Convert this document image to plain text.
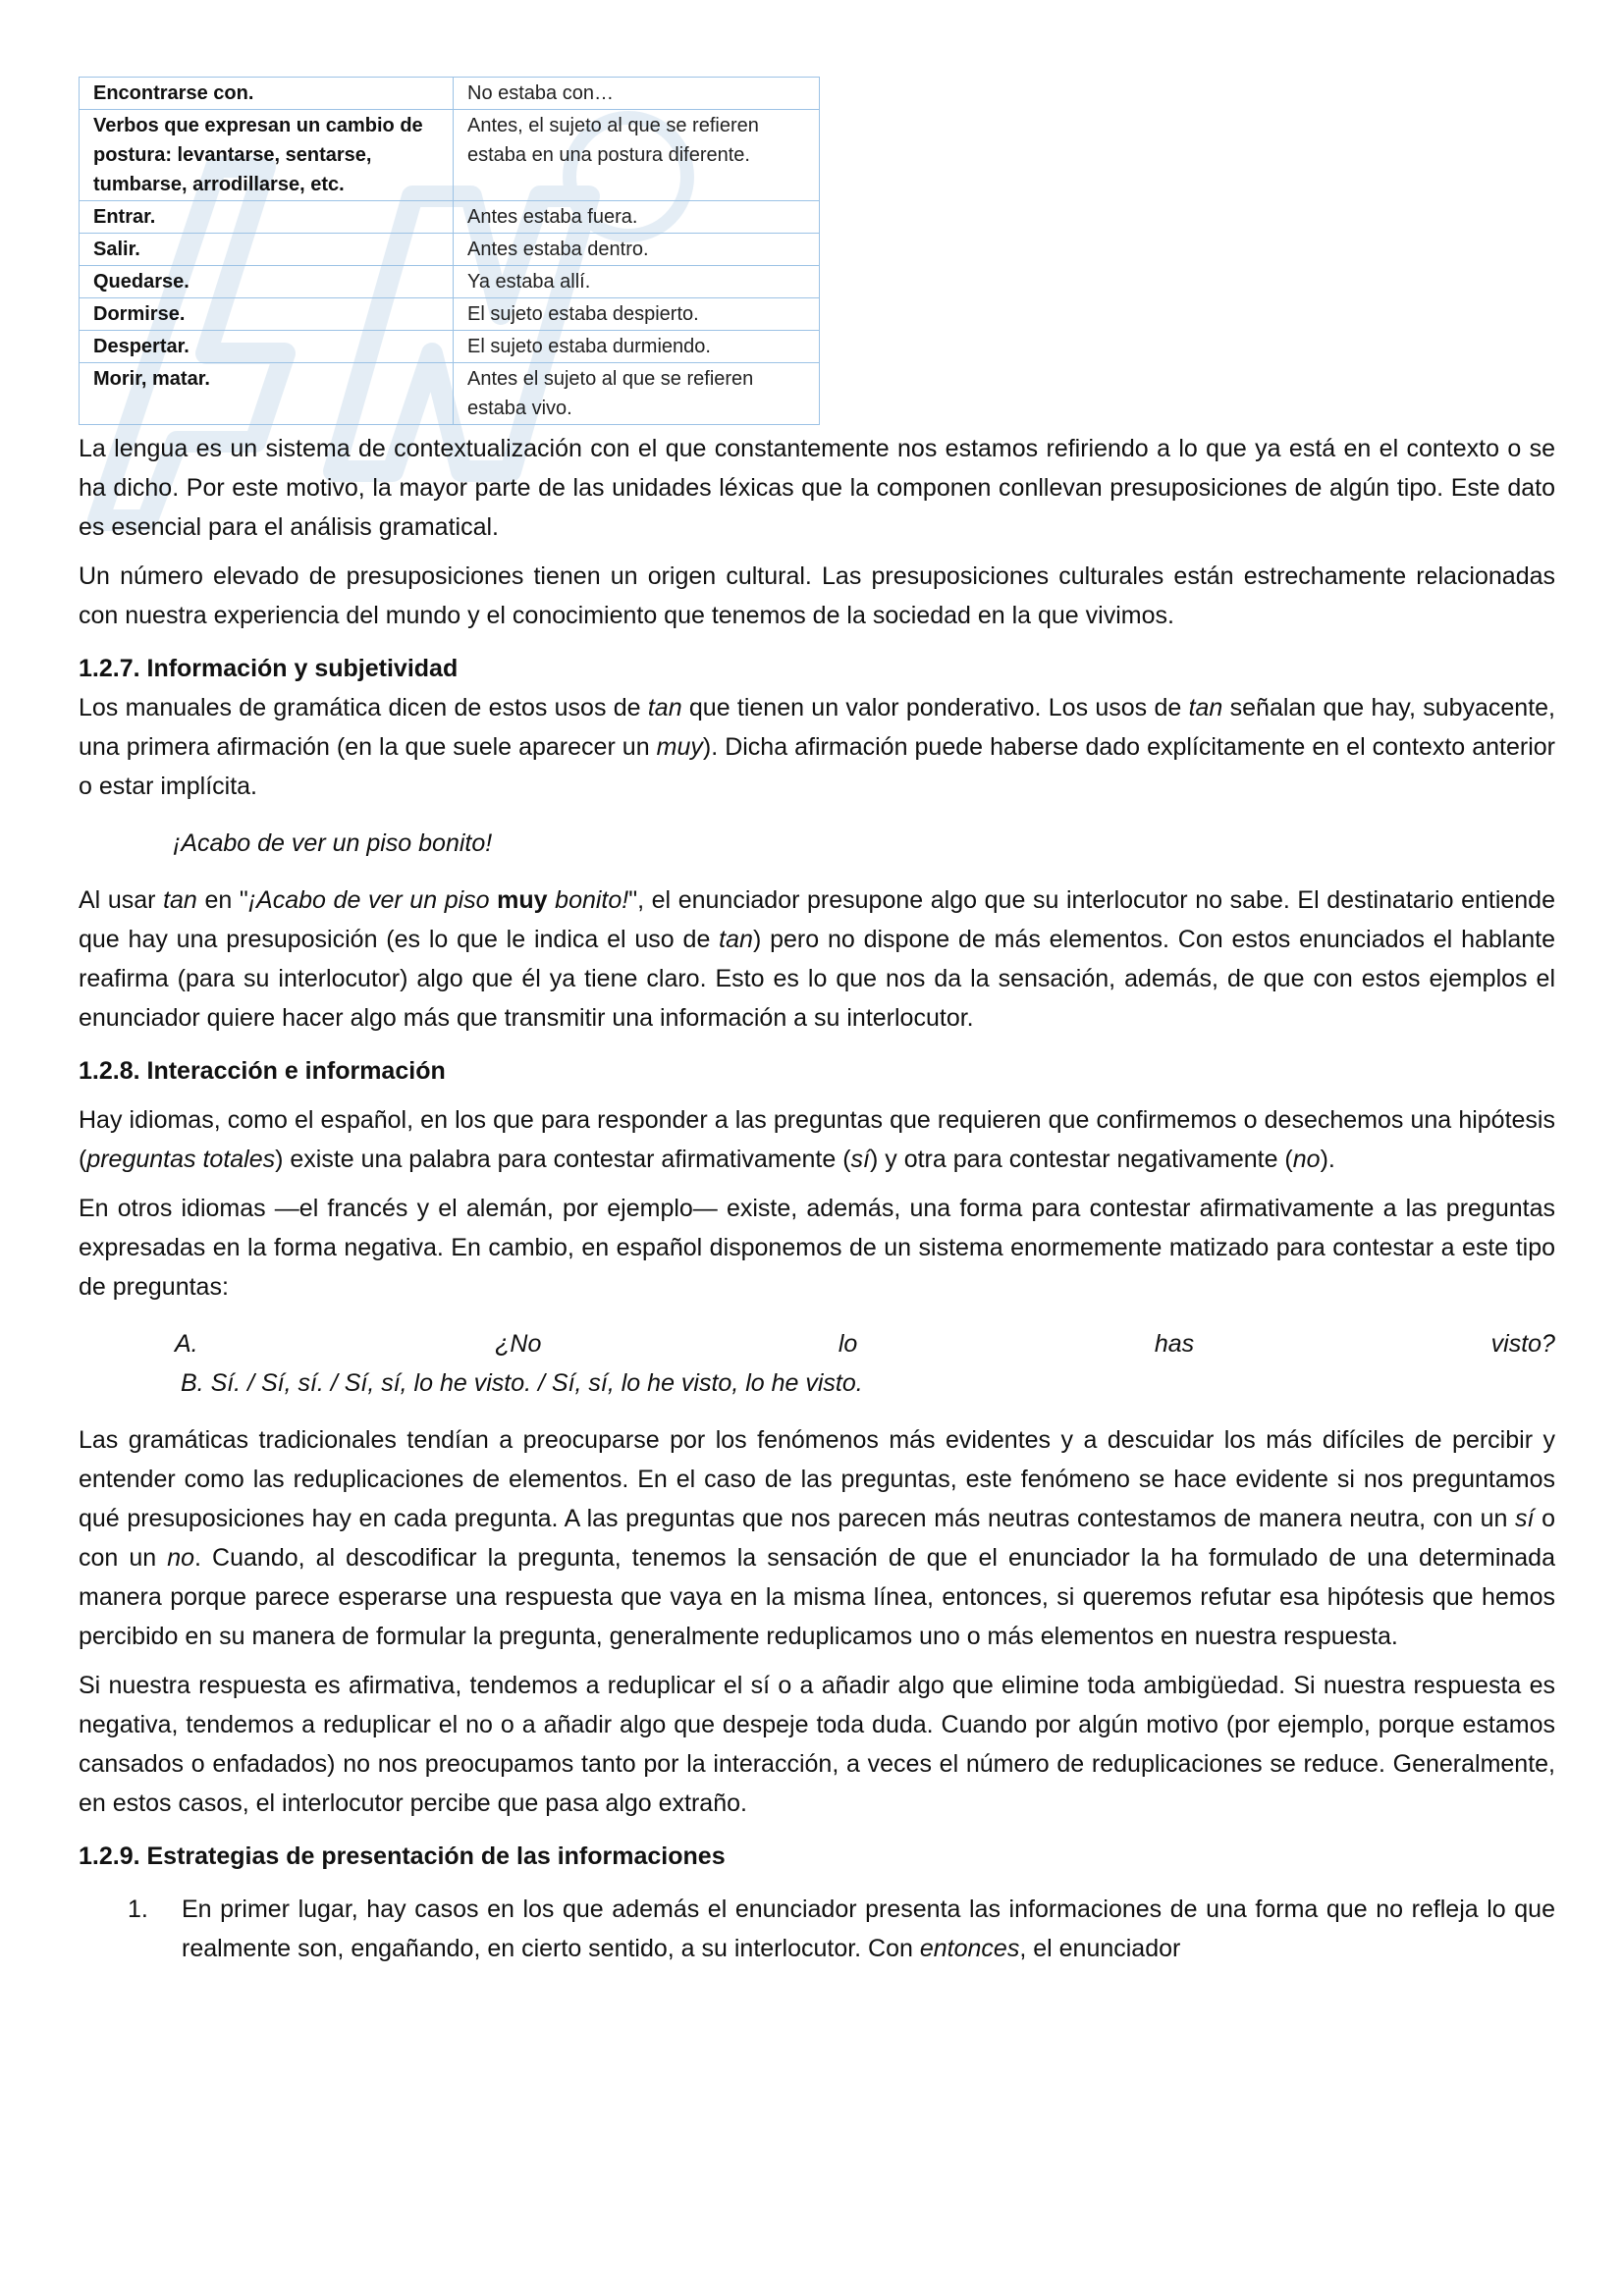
Encontrarse con.	No estaba con…
Verbos que expresan un cambio de postura: levantarse, sentarse, tumbarse, arrodillarse, etc.	Antes, el sujeto al que se refieren estaba en una postura diferente.
Entrar.	Antes estaba fuera.
Salir.	Antes estaba dentro.
Quedarse.	Ya estaba allí.
Dormirse.	El sujeto estaba despierto.
Despertar.	El sujeto estaba durmiendo.
Morir, matar.	Antes el sujeto al que se refieren estaba vivo.

La lengua es un sistema de contextualización con el que constantemente nos estamos refiriendo a lo que ya está en el contexto o se ha dicho. Por este motivo, la mayor parte de las unidades léxicas que la componen conllevan presuposiciones de algún tipo. Este dato es esencial para el análisis gramatical.

Un número elevado de presuposiciones tienen un origen cultural. Las presuposiciones culturales están estrechamente relacionadas con nuestra experiencia del mundo y el conocimiento que tenemos de la sociedad en la que vivimos.

1.2.7. Información y subjetividad

Los manuales de gramática dicen de estos usos de tan que tienen un valor ponderativo. Los usos de tan señalan que hay, subyacente, una primera afirmación (en la que suele aparecer un muy). Dicha afirmación puede haberse dado explícitamente en el contexto anterior o estar implícita.

¡Acabo de ver un piso bonito!

Al usar tan en "¡Acabo de ver un piso muy bonito!", el enunciador presupone algo que su interlocutor no sabe. El destinatario entiende que hay una presuposición (es lo que le indica el uso de tan) pero no dispone de más elementos. Con estos enunciados el hablante reafirma (para su interlocutor) algo que él ya tiene claro. Esto es lo que nos da la sensación, además, de que con estos ejemplos el enunciador quiere hacer algo más que transmitir una información a su interlocutor.

1.2.8. Interacción e información

Hay idiomas, como el español, en los que para responder a las preguntas que requieren que confirmemos o desechemos una hipótesis (preguntas totales) existe una palabra para contestar afirmativamente (sí) y otra para contestar negativamente (no).

En otros idiomas —el francés y el alemán, por ejemplo— existe, además, una forma para contestar afirmativamente a las preguntas expresadas en la forma negativa. En cambio, en español disponemos de un sistema enormemente matizado para contestar a este tipo de preguntas:

A.	¿No	lo	has	visto?
B. Sí. / Sí, sí. / Sí, sí, lo he visto. / Sí, sí, lo he visto, lo he visto.

Las gramáticas tradicionales tendían a preocuparse por los fenómenos más evidentes y a descuidar los más difíciles de percibir y entender como las reduplicaciones de elementos. En el caso de las preguntas, este fenómeno se hace evidente si nos preguntamos qué presuposiciones hay en cada pregunta. A las preguntas que nos parecen más neutras contestamos de manera neutra, con un sí o con un no. Cuando, al descodificar la pregunta, tenemos la sensación de que el enunciador la ha formulado de una determinada manera porque parece esperarse una respuesta que vaya en la misma línea, entonces, si queremos refutar esa hipótesis que hemos percibido en su manera de formular la pregunta, generalmente reduplicamos uno o más elementos en nuestra respuesta.

Si nuestra respuesta es afirmativa, tendemos a reduplicar el sí o a añadir algo que elimine toda ambigüedad. Si nuestra respuesta es negativa, tendemos a reduplicar el no o a añadir algo que despeje toda duda. Cuando por algún motivo (por ejemplo, porque estamos cansados o enfadados) no nos preocupamos tanto por la interacción, a veces el número de reduplicaciones se reduce. Generalmente, en estos casos, el interlocutor percibe que pasa algo extraño.

1.2.9. Estrategias de presentación de las informaciones
1.	En primer lugar, hay casos en los que además el enunciador presenta las informaciones de una forma que no refleja lo que realmente son, engañando, en cierto sentido, a su interlocutor. Con entonces, el enunciador
